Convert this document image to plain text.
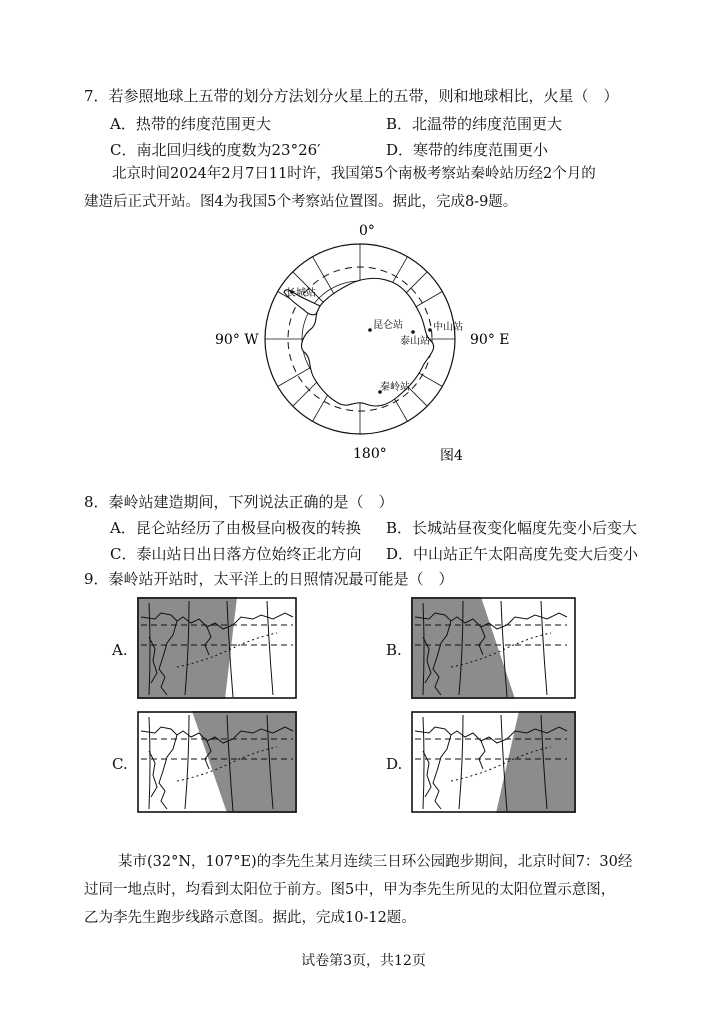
7．若参照地球上五带的划分方法划分火星上的五带，则和地球相比，火星（　）
A．热带的纬度范围更大	B．北温带的纬度范围更大
C．南北回归线的度数为23°26′	D．寒带的纬度范围更小
北京时间2024年2月7日11时许，我国第5个南极考察站秦岭站历经2个月的
建造后正式开站。图4为我国5个考察站位置图。据此，完成8-9题。
长城站
昆仑站	中山站
泰山站
秦岭站
0°
180°
90° W	90° E
图4
8．秦岭站建造期间，下列说法正确的是（　）
A．昆仑站经历了由极昼向极夜的转换 B．长城站昼夜变化幅度先变小后变大
C．泰山站日出日落方位始终正北方向 D．中山站正午太阳高度先变大后变小
9．秦岭站开站时，太平洋上的日照情况最可能是（　）
A.	B.
C.	D.
某市(32°N，107°E)的李先生某月连续三日环公园跑步期间，北京时间7：30经
过同一地点时，均看到太阳位于前方。图5中，甲为李先生所见的太阳位置示意图，
乙为李先生跑步线路示意图。据此，完成10-12题。
试卷第3页，共12页
